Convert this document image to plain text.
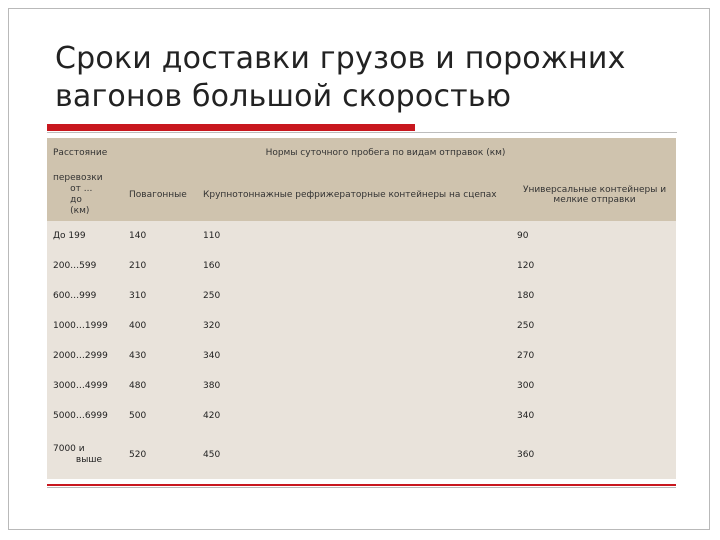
Сроки доставки грузов и порожних вагонов большой скоростью
Расстояние	Нормы суточного пробега по видам отправок (км)		

перевозки
от ...
до
(км)	Повагонные	Крупнотоннажные рефрижераторные контейнеры на сцепах	Универсальные контейнеры и мелкие отправки

До 199	140	110	90

200…599	210	160	120

600…999	310	250	180

1000…1999	400	320	250

2000…2999	430	340	270

3000…4999	480	380	300

5000…6999	500	420	340

7000 и
выше	520	450	360
